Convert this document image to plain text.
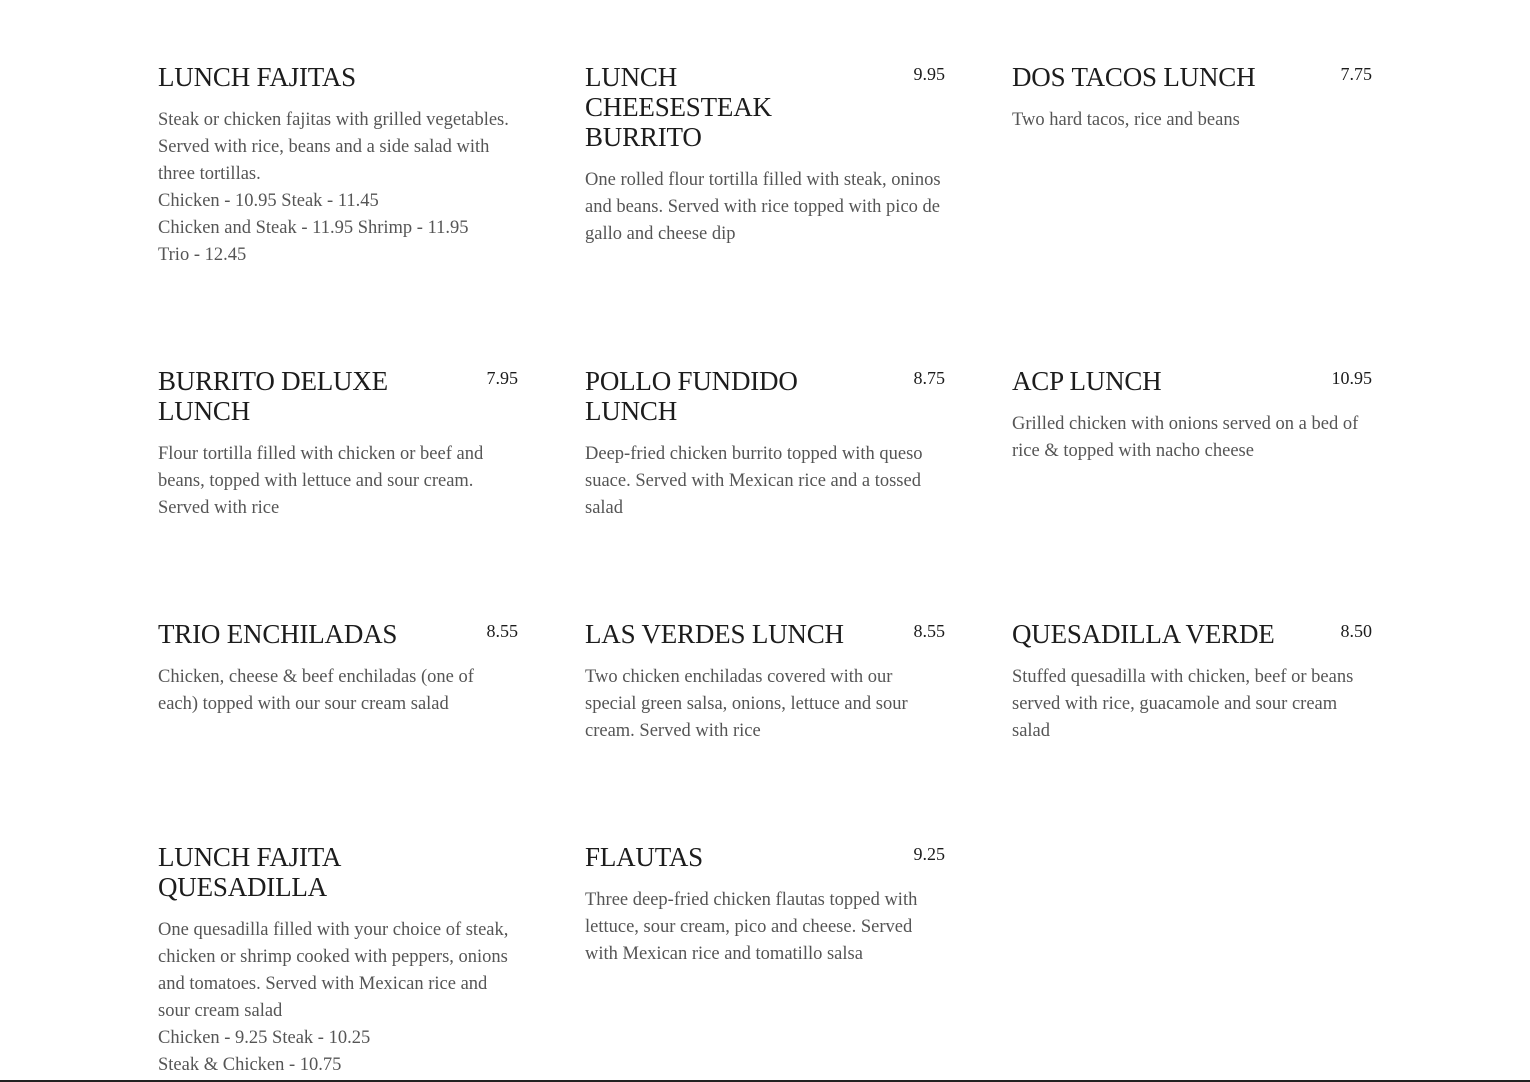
LUNCH FAJITAS
Steak or chicken fajitas with grilled vegetables. Served with rice, beans and a side salad with three tortillas.
Chicken - 10.95 Steak - 11.45
Chicken and Steak - 11.95 Shrimp - 11.95
Trio - 12.45
LUNCH CHEESESTEAK BURRITO
9.95
One rolled flour tortilla filled with steak, oninos and beans. Served with rice topped with pico de gallo and cheese dip
DOS TACOS LUNCH	7.75
Two hard tacos, rice and beans
BURRITO DELUXE LUNCH
7.95
Flour tortilla filled with chicken or beef and beans, topped with lettuce and sour cream. Served with rice
POLLO FUNDIDO LUNCH
8.75
Deep-fried chicken burrito topped with queso suace. Served with Mexican rice and a tossed salad
ACP LUNCH	10.95
Grilled chicken with onions served on a bed of rice & topped with nacho cheese
TRIO ENCHILADAS	8.55
Chicken, cheese & beef enchiladas (one of each) topped with our sour cream salad
LAS VERDES LUNCH	8.55
Two chicken enchiladas covered with our special green salsa, onions, lettuce and sour cream. Served with rice
QUESADILLA VERDE	8.50
Stuffed quesadilla with chicken, beef or beans served with rice, guacamole and sour cream salad
LUNCH FAJITA QUESADILLA
One quesadilla filled with your choice of steak, chicken or shrimp cooked with peppers, onions and tomatoes. Served with Mexican rice and sour cream salad
Chicken - 9.25 Steak - 10.25
Steak & Chicken - 10.75
FLAUTAS	9.25
Three deep-fried chicken flautas topped with lettuce, sour cream, pico and cheese. Served with Mexican rice and tomatillo salsa
